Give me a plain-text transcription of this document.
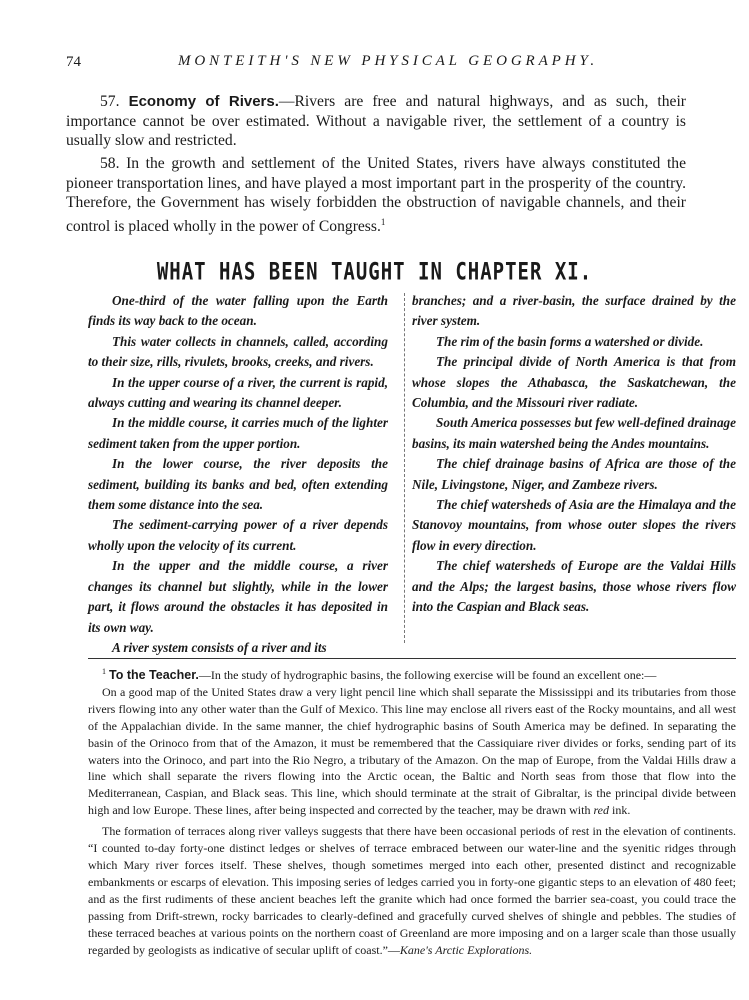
74	MONTEITH'S NEW PHYSICAL GEOGRAPHY.
57. Economy of Rivers.—Rivers are free and natural highways, and as such, their importance cannot be over estimated. Without a navigable river, the settlement of a country is usually slow and restricted.
58. In the growth and settlement of the United States, rivers have always constituted the pioneer transportation lines, and have played a most important part in the prosperity of the country. Therefore, the Government has wisely forbidden the obstruction of navigable channels, and their control is placed wholly in the power of Congress.$^1$
WHAT HAS BEEN TAUGHT IN CHAPTER XI.

One-third of the water falling upon the Earth finds its way back to the ocean.

This water collects in channels, called, according to their size, rills, rivulets, brooks, creeks, and rivers.

In the upper course of a river, the current is rapid, always cutting and wearing its channel deeper.

In the middle course, it carries much of the lighter sediment taken from the upper portion.

In the lower course, the river deposits the sediment, building its banks and bed, often extending them some distance into the sea.

The sediment-carrying power of a river depends wholly upon the velocity of its current.

In the upper and the middle course, a river changes its channel but slightly, while in the lower part, it flows around the obstacles it has deposited in its own way.

A river system consists of a river and its

branches; and a river-basin, the surface drained by the river system.

The rim of the basin forms a watershed or divide.

The principal divide of North America is that from whose slopes the Athabasca, the Saskatchewan, the Columbia, and the Missouri river radiate.

South America possesses but few well-defined drainage basins, its main watershed being the Andes mountains.

The chief drainage basins of Africa are those of the Nile, Livingstone, Niger, and Zambeze rivers.

The chief watersheds of Asia are the Himalaya and the Stanovoy mountains, from whose outer slopes the rivers flow in every direction.

The chief watersheds of Europe are the Valdai Hills and the Alps; the largest basins, those whose rivers flow into the Caspian and Black seas.

$^1$ To the Teacher.—In the study of hydrographic basins, the following exercise will be found an excellent one:—

On a good map of the United States draw a very light pencil line which shall separate the Mississippi and its tributaries from those rivers flowing into any other water than the Gulf of Mexico. This line may enclose all rivers east of the Rocky mountains, and all west of the Appalachian divide. In the same manner, the chief hydrographic basins of South America may be defined. In separating the basin of the Orinoco from that of the Amazon, it must be remembered that the Cassiquiare river divides or forks, sending part of its waters into the Orinoco, and part into the Rio Negro, a tributary of the Amazon. On the map of Europe, from the Valdai Hills draw a line which shall separate the rivers flowing into the Arctic ocean, the Baltic and North seas from those that flow into the Mediterranean, Caspian, and Black seas. This line, which should terminate at the strait of Gibraltar, is the principal divide between high and low Europe. These lines, after being inspected and corrected by the teacher, may be drawn with red ink.

The formation of terraces along river valleys suggests that there have been occasional periods of rest in the elevation of continents. “I counted to-day forty-one distinct ledges or shelves of terrace embraced between our water-line and the syenitic ridges through which Mary river forces itself. These shelves, though sometimes merged into each other, presented distinct and recognizable embankments or escarps of elevation. This imposing series of ledges carried you in forty-one gigantic steps to an elevation of 480 feet; and as the first rudiments of these ancient beaches left the granite which had once formed the barrier sea-coast, you could trace the passing from Drift-strewn, rocky barricades to clearly-defined and gracefully curved shelves of shingle and pebbles. The studies of these terraced beaches at various points on the northern coast of Greenland are more imposing and on a larger scale than those usually regarded by geologists as indicative of secular uplift of coast.”—Kane's Arctic Explorations.
